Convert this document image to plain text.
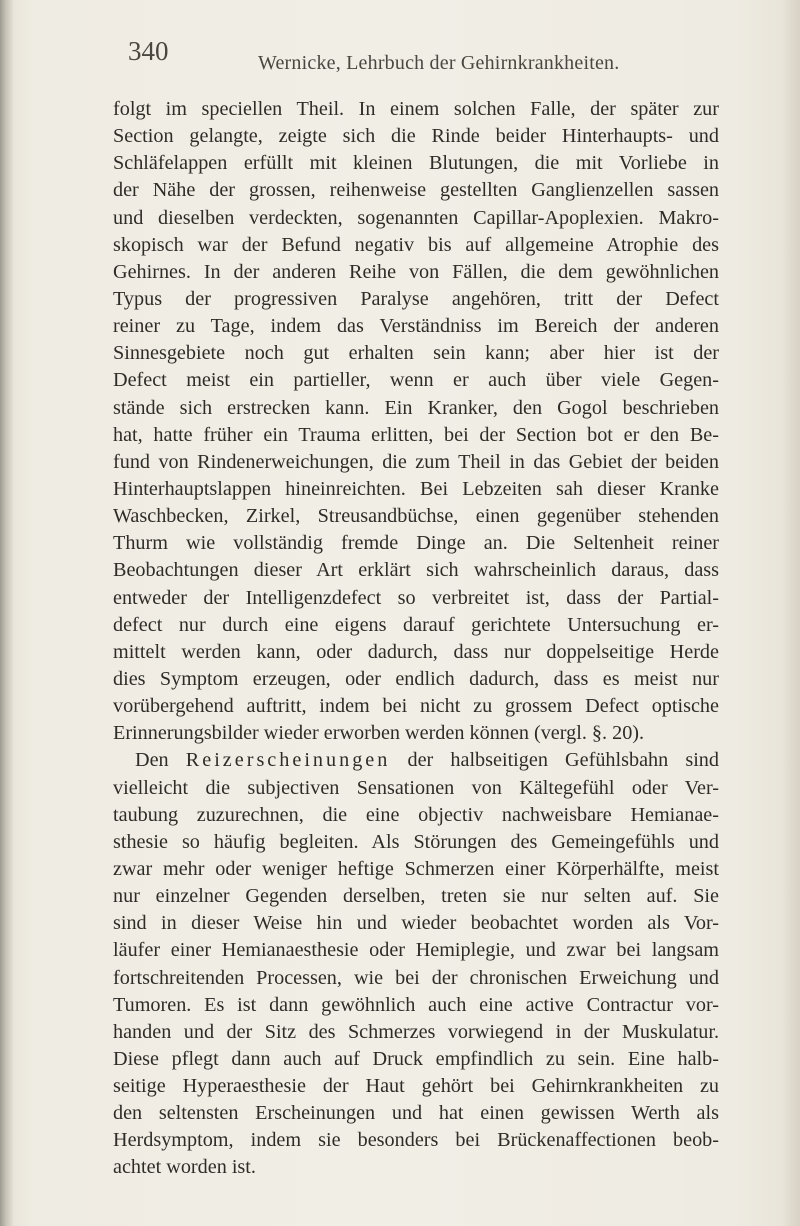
340	Wernicke, Lehrbuch der Gehirnkrankheiten.
folgt im speciellen Theil. In einem solchen Falle, der später zur
Section gelangte, zeigte sich die Rinde beider Hinterhaupts- und
Schläfelappen erfüllt mit kleinen Blutungen, die mit Vorliebe in
der Nähe der grossen, reihenweise gestellten Ganglienzellen sassen
und dieselben verdeckten, sogenannten Capillar-Apoplexien. Makro-
skopisch war der Befund negativ bis auf allgemeine Atrophie des
Gehirnes. In der anderen Reihe von Fällen, die dem gewöhnlichen
Typus der progressiven Paralyse angehören, tritt der Defect
reiner zu Tage, indem das Verständniss im Bereich der anderen
Sinnesgebiete noch gut erhalten sein kann; aber hier ist der
Defect meist ein partieller, wenn er auch über viele Gegen-
stände sich erstrecken kann. Ein Kranker, den Gogol beschrieben
hat, hatte früher ein Trauma erlitten, bei der Section bot er den Be-
fund von Rindenerweichungen, die zum Theil in das Gebiet der beiden
Hinterhauptslappen hineinreichten. Bei Lebzeiten sah dieser Kranke
Waschbecken, Zirkel, Streusandbüchse, einen gegenüber stehenden
Thurm wie vollständig fremde Dinge an. Die Seltenheit reiner
Beobachtungen dieser Art erklärt sich wahrscheinlich daraus, dass
entweder der Intelligenzdefect so verbreitet ist, dass der Partial-
defect nur durch eine eigens darauf gerichtete Untersuchung er-
mittelt werden kann, oder dadurch, dass nur doppelseitige Herde
dies Symptom erzeugen, oder endlich dadurch, dass es meist nur
vorübergehend auftritt, indem bei nicht zu grossem Defect optische
Erinnerungsbilder wieder erworben werden können (vergl. §. 20).
Den Reizerscheinungen der halbseitigen Gefühlsbahn sind
vielleicht die subjectiven Sensationen von Kältegefühl oder Ver-
taubung zuzurechnen, die eine objectiv nachweisbare Hemianae-
sthesie so häufig begleiten. Als Störungen des Gemeingefühls und
zwar mehr oder weniger heftige Schmerzen einer Körperhälfte, meist
nur einzelner Gegenden derselben, treten sie nur selten auf. Sie
sind in dieser Weise hin und wieder beobachtet worden als Vor-
läufer einer Hemianaesthesie oder Hemiplegie, und zwar bei langsam
fortschreitenden Processen, wie bei der chronischen Erweichung und
Tumoren. Es ist dann gewöhnlich auch eine active Contractur vor-
handen und der Sitz des Schmerzes vorwiegend in der Muskulatur.
Diese pflegt dann auch auf Druck empfindlich zu sein. Eine halb-
seitige Hyperaesthesie der Haut gehört bei Gehirnkrankheiten zu
den seltensten Erscheinungen und hat einen gewissen Werth als
Herdsymptom, indem sie besonders bei Brückenaffectionen beob-
achtet worden ist.
